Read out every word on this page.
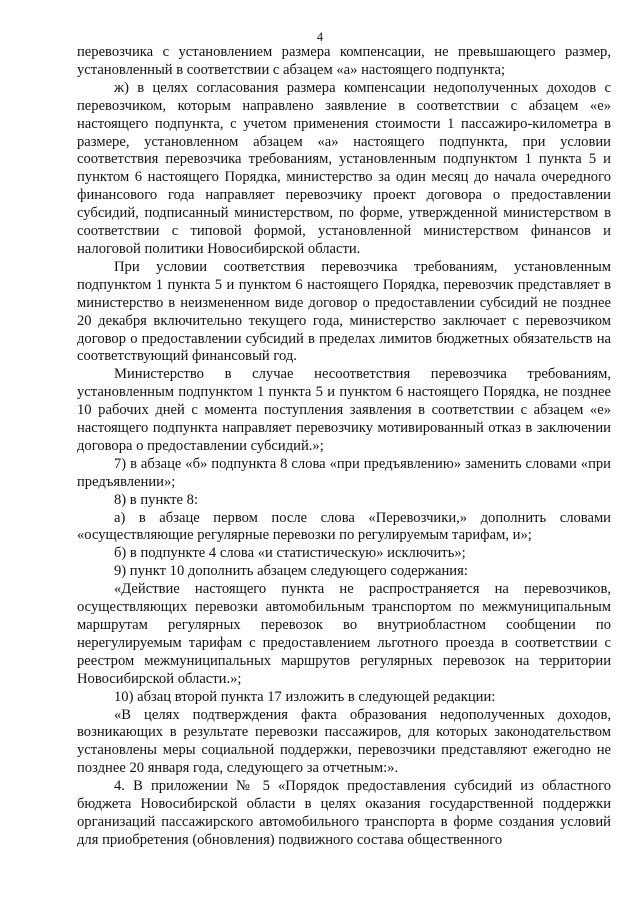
4

перевозчика с установлением размера компенсации, не превышающего размер, установленный в соответствии с абзацем «а» настоящего подпункта;

ж) в целях согласования размера компенсации недополученных доходов с перевозчиком, которым направлено заявление в соответствии с абзацем «е» настоящего подпункта, с учетом применения стоимости 1 пассажиро-километра в размере, установленном абзацем «а» настоящего подпункта, при условии соответствия перевозчика требованиям, установленным подпунктом 1 пункта 5 и пунктом 6 настоящего Порядка, министерство за один месяц до начала очередного финансового года направляет перевозчику проект договора о предоставлении субсидий, подписанный министерством, по форме, утвержденной министерством в соответствии с типовой формой, установленной министерством финансов и налоговой политики Новосибирской области.

При условии соответствия перевозчика требованиям, установленным подпунктом 1 пункта 5 и пунктом 6 настоящего Порядка, перевозчик представляет в министерство в неизмененном виде договор о предоставлении субсидий не позднее 20 декабря включительно текущего года, министерство заключает с перевозчиком договор о предоставлении субсидий в пределах лимитов бюджетных обязательств на соответствующий финансовый год.

Министерство в случае несоответствия перевозчика требованиям, установленным подпунктом 1 пункта 5 и пунктом 6 настоящего Порядка, не позднее 10 рабочих дней с момента поступления заявления в соответствии с абзацем «е» настоящего подпункта направляет перевозчику мотивированный отказ в заключении договора о предоставлении субсидий.»;

7) в абзаце «б» подпункта 8 слова «при предъявлению» заменить словами «при предъявлении»;

8) в пункте 8:

а) в абзаце первом после слова «Перевозчики,» дополнить словами «осуществляющие регулярные перевозки по регулируемым тарифам, и»;

б) в подпункте 4 слова «и статистическую» исключить»;

9) пункт 10 дополнить абзацем следующего содержания:

«Действие настоящего пункта не распространяется на перевозчиков, осуществляющих перевозки автомобильным транспортом по межмуниципальным маршрутам регулярных перевозок во внутриобластном сообщении по нерегулируемым тарифам с предоставлением льготного проезда в соответствии с реестром межмуниципальных маршрутов регулярных перевозок на территории Новосибирской области.»;

10) абзац второй пункта 17 изложить в следующей редакции:

«В целях подтверждения факта образования недополученных доходов, возникающих в результате перевозки пассажиров, для которых законодательством установлены меры социальной поддержки, перевозчики представляют ежегодно не позднее 20 января года, следующего за отчетным:».

4. В приложении № 5 «Порядок предоставления субсидий из областного бюджета Новосибирской области в целях оказания государственной поддержки организаций пассажирского автомобильного транспорта в форме создания условий для приобретения (обновления) подвижного состава общественного
